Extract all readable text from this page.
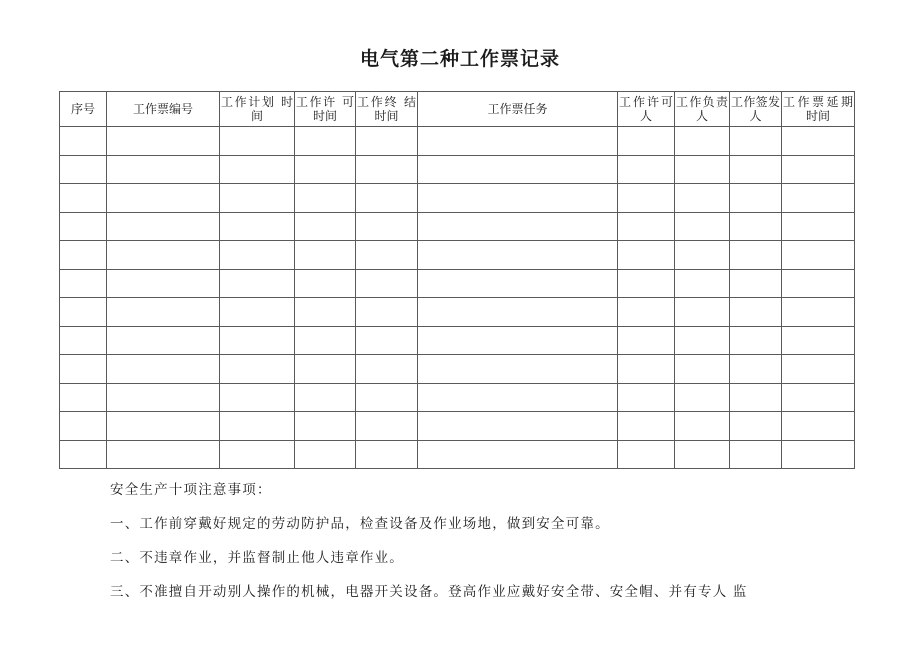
电气第二种工作票记录
序号	工作票编号	工作计划 时间	工作许 可时间	工作终 结时间	工作票任务	工作许可人	工作负责人	工作签发人	工作票延期时间

安全生产十项注意事项：

一、工作前穿戴好规定的劳动防护品，检查设备及作业场地，做到安全可靠。

二、不违章作业，并监督制止他人违章作业。

三、不准擅自开动别人操作的机械，电器开关设备。登高作业应戴好安全带、安全帽、并有专人 监
